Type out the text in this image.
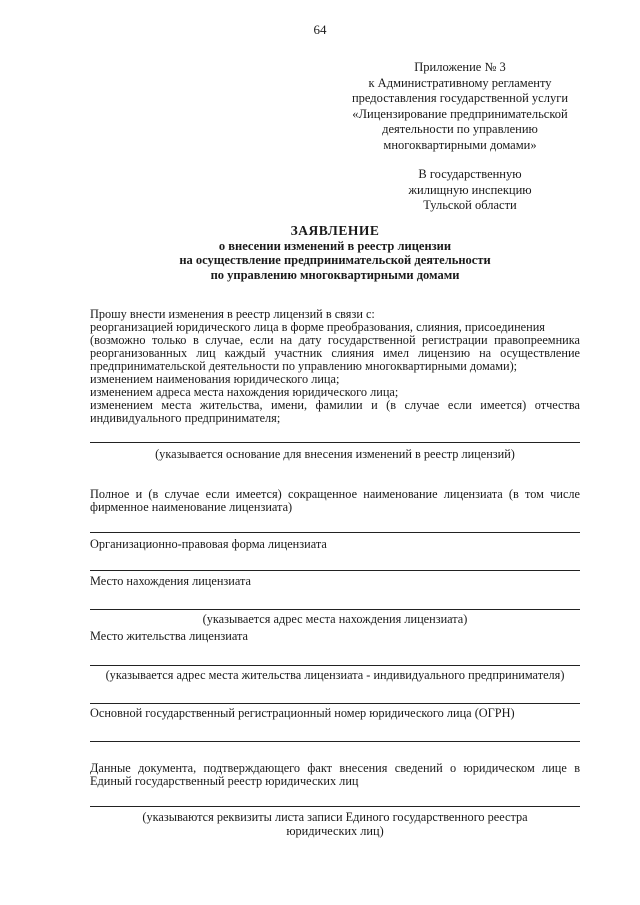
64
Приложение № 3
к Административному регламенту
предоставления государственной услуги
«Лицензирование предпринимательской
деятельности по управлению
многоквартирными домами»
В государственную
жилищную инспекцию
Тульской области
ЗАЯВЛЕНИЕ
о внесении изменений в реестр лицензии
на осуществление предпринимательской деятельности
по управлению многоквартирными домами
Прошу внести изменения в реестр лицензий в связи с:
реорганизацией юридического лица в форме преобразования, слияния, присоединения
(возможно только в случае, если на дату государственной регистрации правопреемника
реорганизованных лиц каждый участник слияния имел лицензию на осуществление
предпринимательской деятельности по управлению многоквартирными домами);
изменением наименования юридического лица;
изменением адреса места нахождения юридического лица;
изменением места жительства, имени, фамилии и (в случае если имеется) отчества
индивидуального предпринимателя;
(указывается основание для внесения изменений в реестр лицензий)
Полное и (в случае если имеется) сокращенное наименование лицензиата (в том числе
фирменное наименование лицензиата)
Организационно-правовая форма лицензиата
Место нахождения лицензиата
(указывается адрес места нахождения лицензиата)
Место жительства лицензиата
(указывается адрес места жительства лицензиата - индивидуального предпринимателя)
Основной государственный регистрационный номер юридического лица (ОГРН)
Данные документа, подтверждающего факт внесения сведений о юридическом лице в
Единый государственный реестр юридических лиц
(указываются реквизиты листа записи Единого государственного реестра
юридических лиц)
